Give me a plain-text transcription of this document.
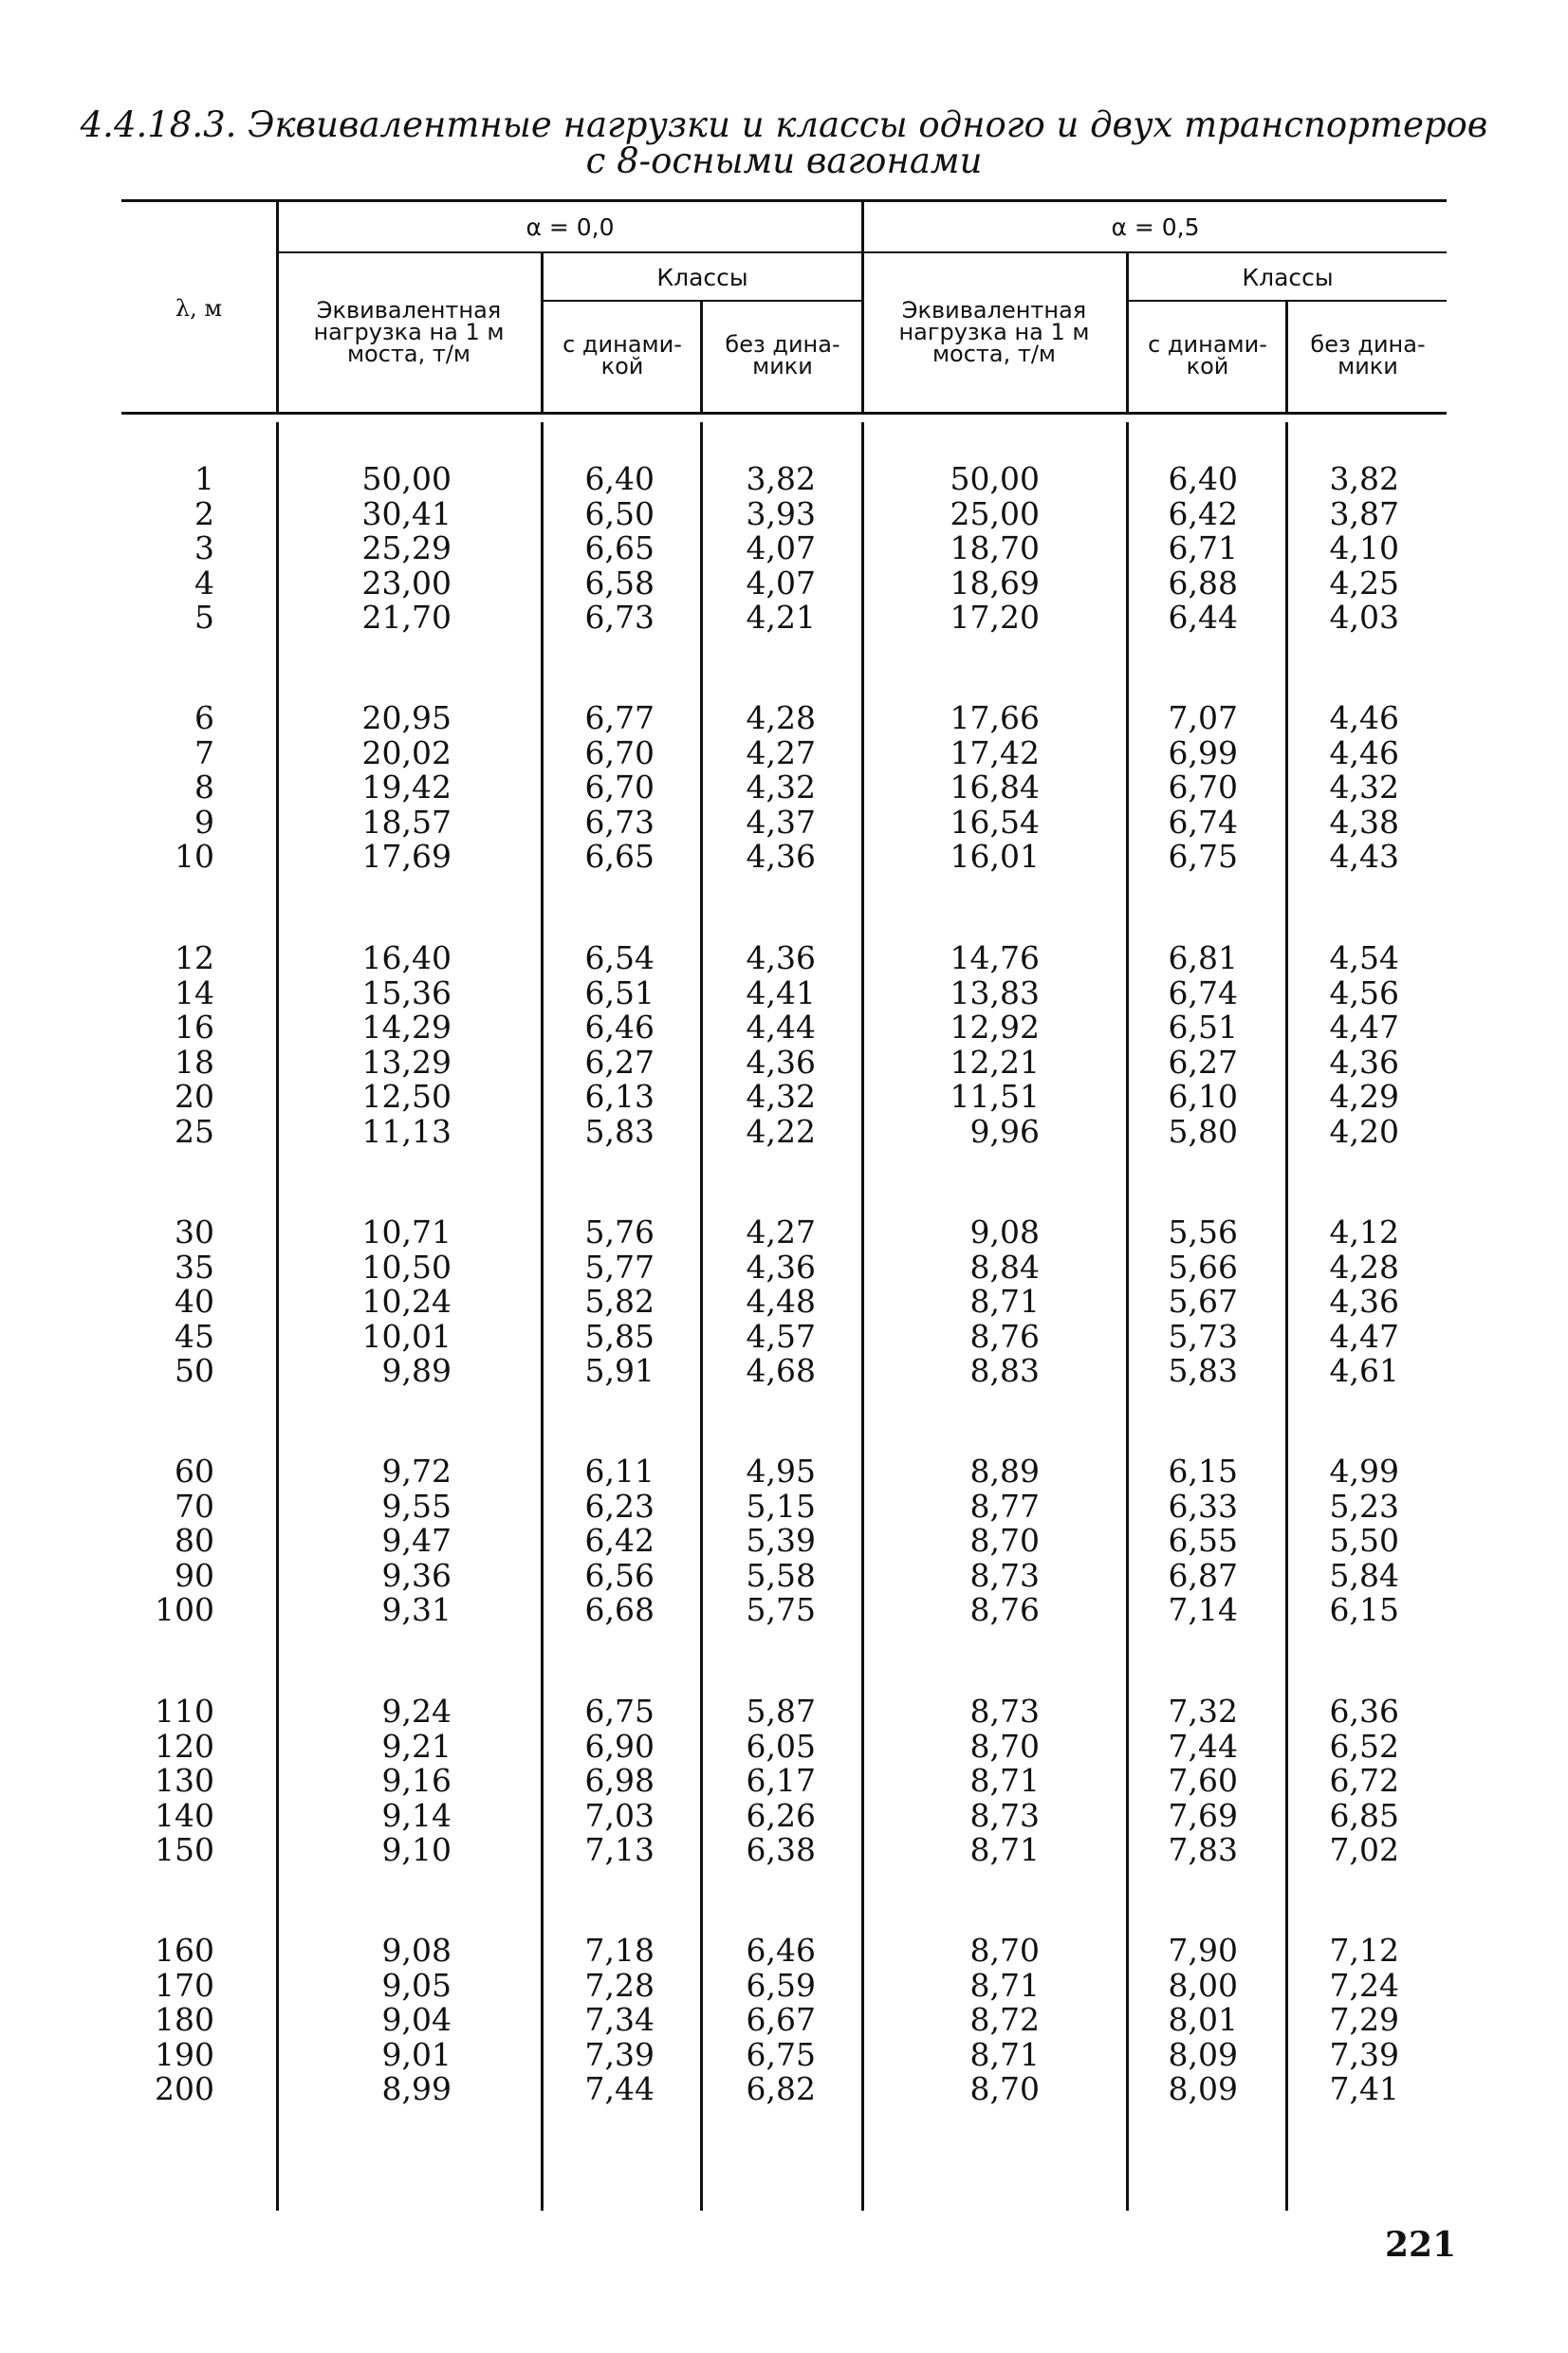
4.4.18.3. Эквивалентные нагрузки и классы одного и двух транспортеров
с 8-осными вагонами
λ, м
α = 0,0	α = 0,5
Эквивалентная нагрузка на 1 м моста, т/м
Классы
с динами-кой
без дина-мики
Эквивалентная нагрузка на 1 м моста, т/м
Классы
с динами-кой
без дина-мики
1
2
3
4
5
50,00
30,41
25,29
23,00
21,70
6,40
6,50
6,65
6,58
6,73
3,82
3,93
4,07
4,07
4,21
50,00
25,00
18,70
18,69
17,20
6,40
6,42
6,71
6,88
6,44
3,82
3,87
4,10
4,25
4,03
6
7
8
9
10
20,95
20,02
19,42
18,57
17,69
6,77
6,70
6,70
6,73
6,65
4,28
4,27
4,32
4,37
4,36
17,66
17,42
16,84
16,54
16,01
7,07
6,99
6,70
6,74
6,75
4,46
4,46
4,32
4,38
4,43
12
14
16
18
20
25
16,40
15,36
14,29
13,29
12,50
11,13
6,54
6,51
6,46
6,27
6,13
5,83
4,36
4,41
4,44
4,36
4,32
4,22
14,76
13,83
12,92
12,21
11,51
9,96
6,81
6,74
6,51
6,27
6,10
5,80
4,54
4,56
4,47
4,36
4,29
4,20
30
35
40
45
50
10,71
10,50
10,24
10,01
9,89
5,76
5,77
5,82
5,85
5,91
4,27
4,36
4,48
4,57
4,68
9,08
8,84
8,71
8,76
8,83
5,56
5,66
5,67
5,73
5,83
4,12
4,28
4,36
4,47
4,61
60
70
80
90
100
9,72
9,55
9,47
9,36
9,31
6,11
6,23
6,42
6,56
6,68
4,95
5,15
5,39
5,58
5,75
8,89
8,77
8,70
8,73
8,76
6,15
6,33
6,55
6,87
7,14
4,99
5,23
5,50
5,84
6,15
110
120
130
140
150
9,24
9,21
9,16
9,14
9,10
6,75
6,90
6,98
7,03
7,13
5,87
6,05
6,17
6,26
6,38
8,73
8,70
8,71
8,73
8,71
7,32
7,44
7,60
7,69
7,83
6,36
6,52
6,72
6,85
7,02
160
170
180
190
200
9,08
9,05
9,04
9,01
8,99
7,18
7,28
7,34
7,39
7,44
6,46
6,59
6,67
6,75
6,82
8,70
8,71
8,72
8,71
8,70
7,90
8,00
8,01
8,09
8,09
7,12
7,24
7,29
7,39
7,41
221
